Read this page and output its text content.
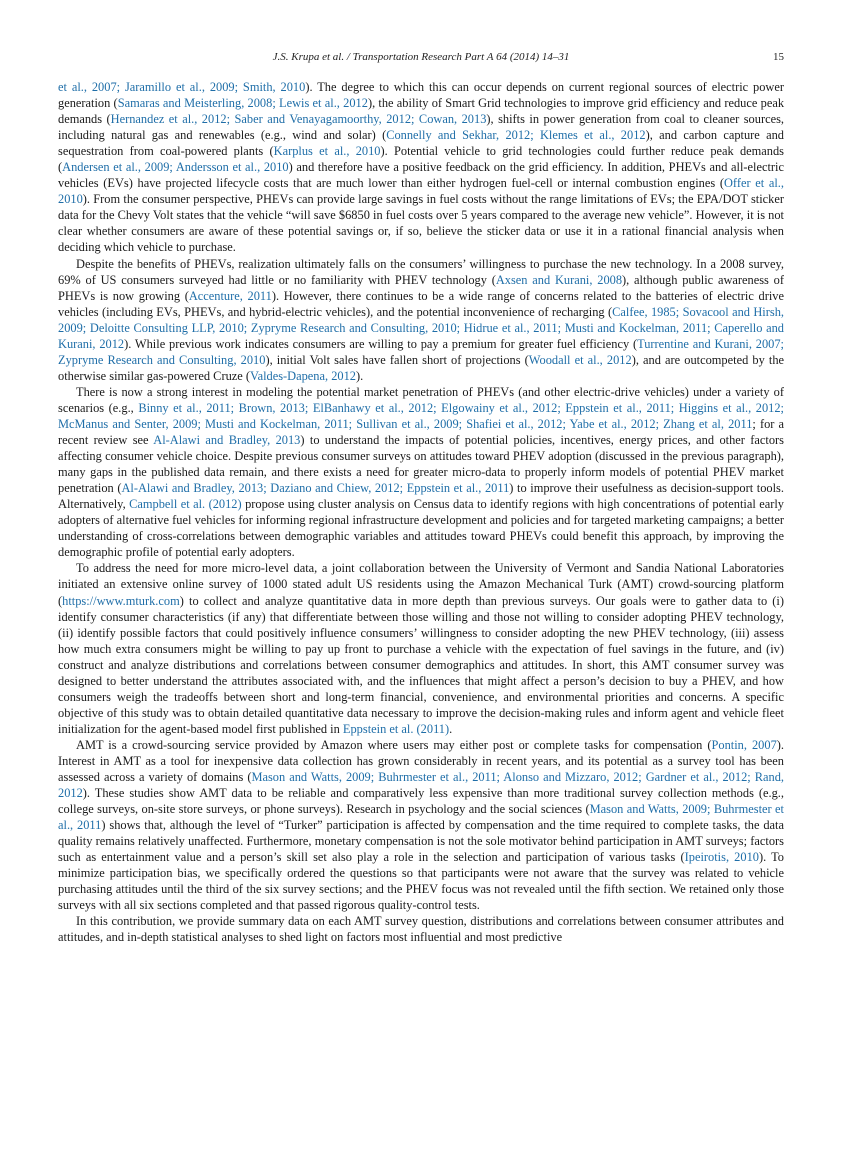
J.S. Krupa et al. / Transportation Research Part A 64 (2014) 14–31	15

et al., 2007; Jaramillo et al., 2009; Smith, 2010). The degree to which this can occur depends on current regional sources of electric power generation (Samaras and Meisterling, 2008; Lewis et al., 2012), the ability of Smart Grid technologies to improve grid efficiency and reduce peak demands (Hernandez et al., 2012; Saber and Venayagamoorthy, 2012; Cowan, 2013), shifts in power generation from coal to cleaner sources, including natural gas and renewables (e.g., wind and solar) (Connelly and Sekhar, 2012; Klemes et al., 2012), and carbon capture and sequestration from coal-powered plants (Karplus et al., 2010). Potential vehicle to grid technologies could further reduce peak demands (Andersen et al., 2009; Andersson et al., 2010) and therefore have a positive feedback on the grid efficiency. In addition, PHEVs and all-electric vehicles (EVs) have projected lifecycle costs that are much lower than either hydrogen fuel-cell or internal combustion engines (Offer et al., 2010). From the consumer perspective, PHEVs can provide large savings in fuel costs without the range limitations of EVs; the EPA/DOT sticker data for the Chevy Volt states that the vehicle “will save $6850 in fuel costs over 5 years compared to the average new vehicle”. However, it is not clear whether consumers are aware of these potential savings or, if so, believe the sticker data or use it in a rational financial analysis when deciding which vehicle to purchase.

Despite the benefits of PHEVs, realization ultimately falls on the consumers’ willingness to purchase the new technology. In a 2008 survey, 69% of US consumers surveyed had little or no familiarity with PHEV technology (Axsen and Kurani, 2008), although public awareness of PHEVs is now growing (Accenture, 2011). However, there continues to be a wide range of concerns related to the batteries of electric drive vehicles (including EVs, PHEVs, and hybrid-electric vehicles), and the potential inconvenience of recharging (Calfee, 1985; Sovacool and Hirsh, 2009; Deloitte Consulting LLP, 2010; Zypryme Research and Consulting, 2010; Hidrue et al., 2011; Musti and Kockelman, 2011; Caperello and Kurani, 2012). While previous work indicates consumers are willing to pay a premium for greater fuel efficiency (Turrentine and Kurani, 2007; Zypryme Research and Consulting, 2010), initial Volt sales have fallen short of projections (Woodall et al., 2012), and are outcompeted by the otherwise similar gas-powered Cruze (Valdes-Dapena, 2012).

There is now a strong interest in modeling the potential market penetration of PHEVs (and other electric-drive vehicles) under a variety of scenarios (e.g., Binny et al., 2011; Brown, 2013; ElBanhawy et al., 2012; Elgowainy et al., 2012; Eppstein et al., 2011; Higgins et al., 2012; McManus and Senter, 2009; Musti and Kockelman, 2011; Sullivan et al., 2009; Shafiei et al., 2012; Yabe et al., 2012; Zhang et al, 2011; for a recent review see Al-Alawi and Bradley, 2013) to understand the impacts of potential policies, incentives, energy prices, and other factors affecting consumer vehicle choice. Despite previous consumer surveys on attitudes toward PHEV adoption (discussed in the previous paragraph), many gaps in the published data remain, and there exists a need for greater micro-data to properly inform models of potential PHEV market penetration (Al-Alawi and Bradley, 2013; Daziano and Chiew, 2012; Eppstein et al., 2011) to improve their usefulness as decision-support tools. Alternatively, Campbell et al. (2012) propose using cluster analysis on Census data to identify regions with high concentrations of potential early adopters of alternative fuel vehicles for informing regional infrastructure development and policies and for targeted marketing campaigns; a better understanding of cross-correlations between demographic variables and attitudes toward PHEVs could benefit this approach, by improving the demographic profile of potential early adopters.

To address the need for more micro-level data, a joint collaboration between the University of Vermont and Sandia National Laboratories initiated an extensive online survey of 1000 stated adult US residents using the Amazon Mechanical Turk (AMT) crowd-sourcing platform (https://www.mturk.com) to collect and analyze quantitative data in more depth than previous surveys. Our goals were to gather data to (i) identify consumer characteristics (if any) that differentiate between those willing and those not willing to consider adopting PHEV technology, (ii) identify possible factors that could positively influence consumers’ willingness to consider adopting the new PHEV technology, (iii) assess how much extra consumers might be willing to pay up front to purchase a vehicle with the expectation of fuel savings in the future, and (iv) construct and analyze distributions and correlations between consumer demographics and attitudes. In short, this AMT consumer survey was designed to better understand the attributes associated with, and the influences that might affect a person’s decision to buy a PHEV, and how consumers weigh the tradeoffs between short and long-term financial, convenience, and environmental priorities and concerns. A specific objective of this study was to obtain detailed quantitative data necessary to improve the decision-making rules and inform agent and vehicle fleet initialization for the agent-based model first published in Eppstein et al. (2011).

AMT is a crowd-sourcing service provided by Amazon where users may either post or complete tasks for compensation (Pontin, 2007). Interest in AMT as a tool for inexpensive data collection has grown considerably in recent years, and its potential as a survey tool has been assessed across a variety of domains (Mason and Watts, 2009; Buhrmester et al., 2011; Alonso and Mizzaro, 2012; Gardner et al., 2012; Rand, 2012). These studies show AMT data to be reliable and comparatively less expensive than more traditional survey collection methods (e.g., college surveys, on-site store surveys, or phone surveys). Research in psychology and the social sciences (Mason and Watts, 2009; Buhrmester et al., 2011) shows that, although the level of “Turker” participation is affected by compensation and the time required to complete tasks, the data quality remains relatively unaffected. Furthermore, monetary compensation is not the sole motivator behind participation in AMT surveys; factors such as entertainment value and a person’s skill set also play a role in the selection and participation of various tasks (Ipeirotis, 2010). To minimize participation bias, we specifically ordered the questions so that participants were not aware that the survey was related to vehicle purchasing attitudes until the third of the six survey sections; and the PHEV focus was not revealed until the fifth section. We retained only those surveys with all six sections completed and that passed rigorous quality-control tests.

In this contribution, we provide summary data on each AMT survey question, distributions and correlations between consumer attributes and attitudes, and in-depth statistical analyses to shed light on factors most influential and most predictive
